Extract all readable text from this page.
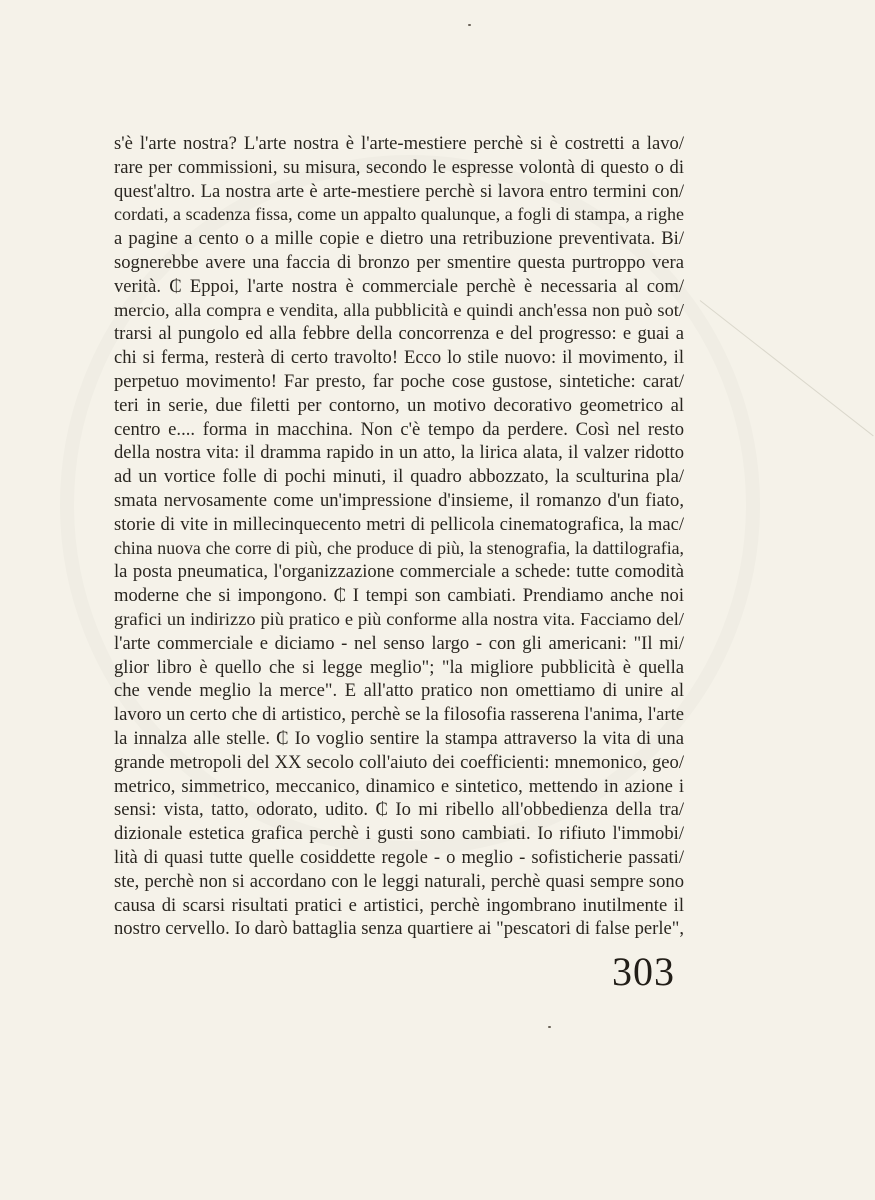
s'è l'arte nostra? L'arte nostra è l'arte-mestiere perchè si è costretti a lavo/
rare per commissioni, su misura, secondo le espresse volontà di questo o di
quest'altro. La nostra arte è arte-mestiere perchè si lavora entro termini con/
cordati, a scadenza fissa, come un appalto qualunque, a fogli di stampa, a righe
a pagine a cento o a mille copie e dietro una retribuzione preventivata. Bi/
sognerebbe avere una faccia di bronzo per smentire questa purtroppo vera
verità. ₵ Eppoi, l'arte nostra è commerciale perchè è necessaria al com/
mercio, alla compra e vendita, alla pubblicità e quindi anch'essa non può sot/
trarsi al pungolo ed alla febbre della concorrenza e del progresso: e guai a
chi si ferma, resterà di certo travolto! Ecco lo stile nuovo: il movimento, il
perpetuo movimento! Far presto, far poche cose gustose, sintetiche: carat/
teri in serie, due filetti per contorno, un motivo decorativo geometrico al
centro e.... forma in macchina. Non c'è tempo da perdere. Così nel resto
della nostra vita: il dramma rapido in un atto, la lirica alata, il valzer ridotto
ad un vortice folle di pochi minuti, il quadro abbozzato, la sculturina pla/
smata nervosamente come un'impressione d'insieme, il romanzo d'un fiato,
storie di vite in millecinquecento metri di pellicola cinematografica, la mac/
china nuova che corre di più, che produce di più, la stenografia, la dattilografia,
la posta pneumatica, l'organizzazione commerciale a schede: tutte comodità
moderne che si impongono. ₵ I tempi son cambiati. Prendiamo anche noi
grafici un indirizzo più pratico e più conforme alla nostra vita. Facciamo del/
l'arte commerciale e diciamo - nel senso largo - con gli americani: "Il mi/
glior libro è quello che si legge meglio"; "la migliore pubblicità è quella
che vende meglio la merce". E all'atto pratico non omettiamo di unire al
lavoro un certo che di artistico, perchè se la filosofia rasserena l'anima, l'arte
la innalza alle stelle. ₵ Io voglio sentire la stampa attraverso la vita di una
grande metropoli del XX secolo coll'aiuto dei coefficienti: mnemonico, geo/
metrico, simmetrico, meccanico, dinamico e sintetico, mettendo in azione i
sensi: vista, tatto, odorato, udito. ₵ Io mi ribello all'obbedienza della tra/
dizionale estetica grafica perchè i gusti sono cambiati. Io rifiuto l'immobi/
lità di quasi tutte quelle cosiddette regole - o meglio - sofisticherie passati/
ste, perchè non si accordano con le leggi naturali, perchè quasi sempre sono
causa di scarsi risultati pratici e artistici, perchè ingombrano inutilmente il
nostro cervello. Io darò battaglia senza quartiere ai "pescatori di false perle",
303
